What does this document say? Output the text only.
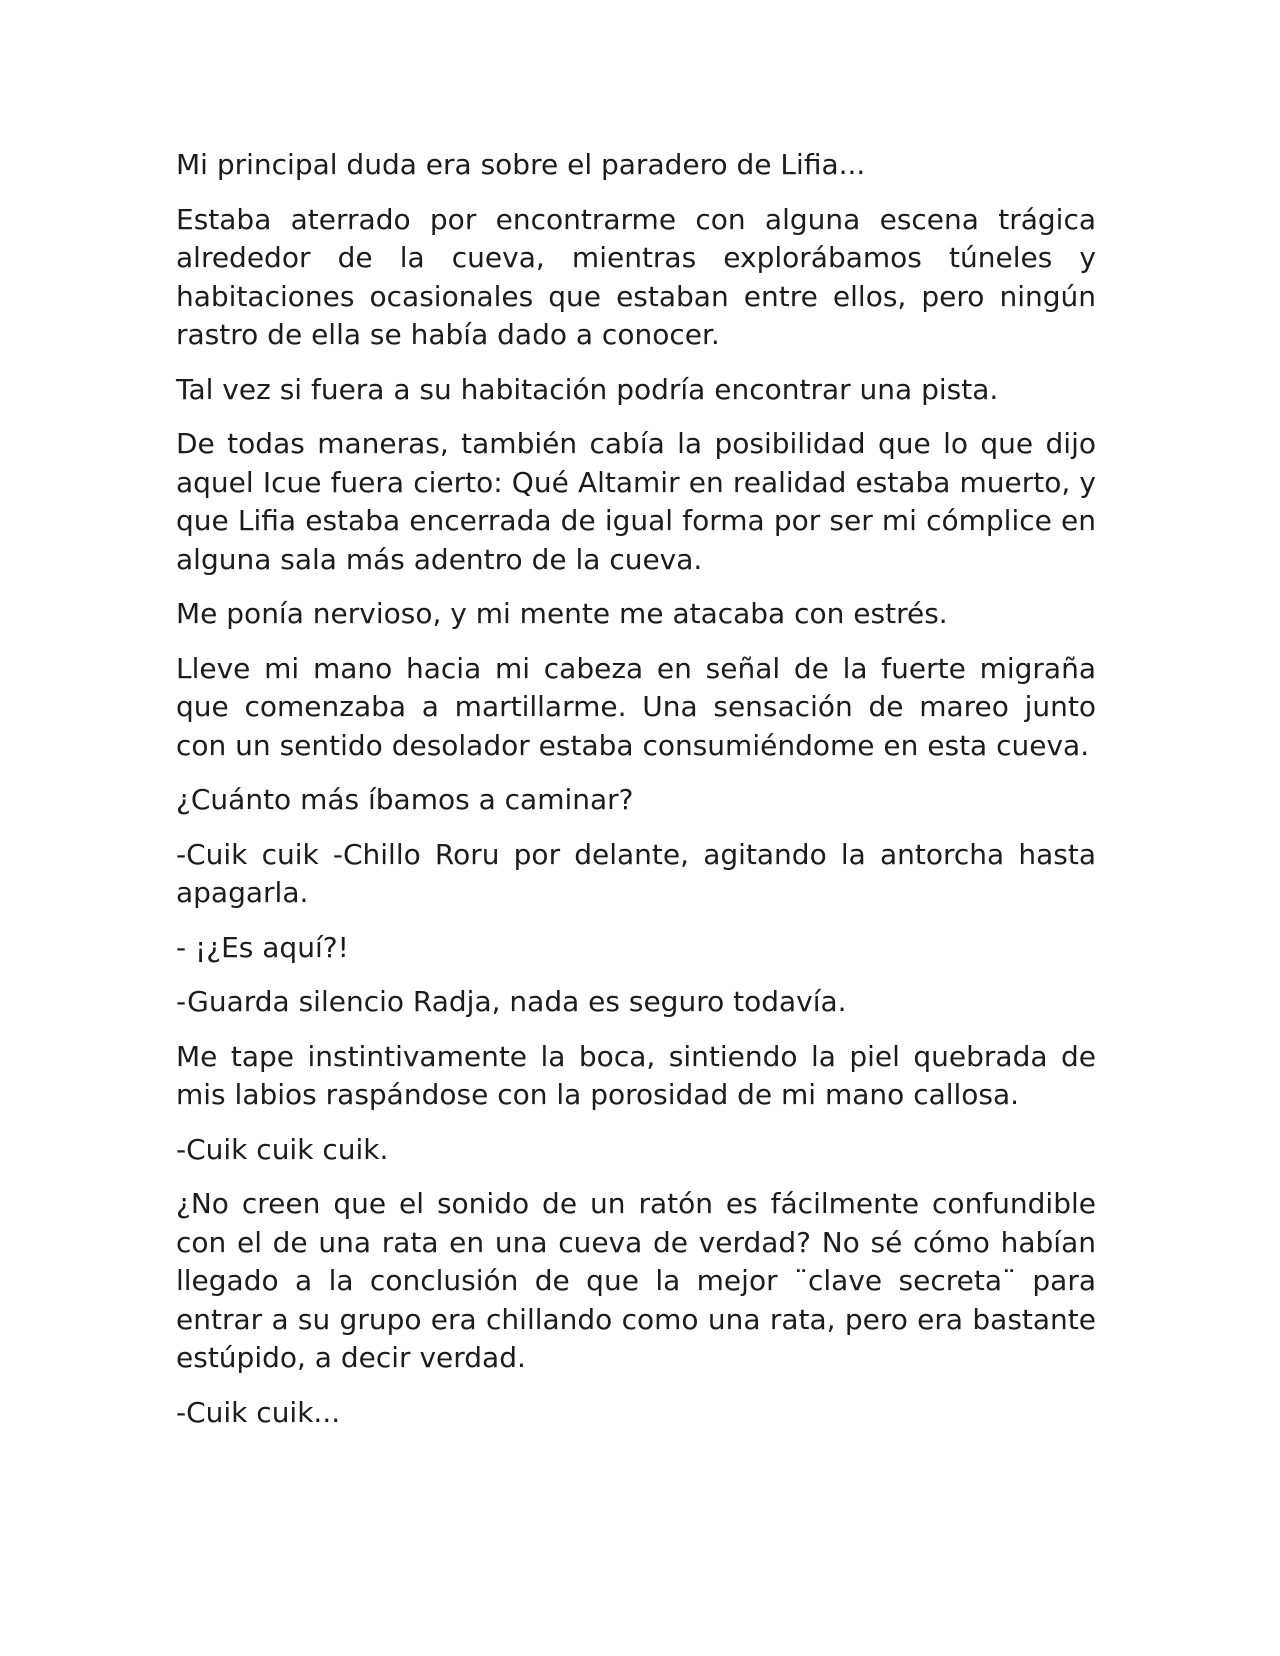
Mi principal duda era sobre el paradero de Lifia...

Estaba aterrado por encontrarme con alguna escena trágica alrededor de la cueva, mientras explorábamos túneles y habitaciones ocasionales que estaban entre ellos, pero ningún rastro de ella se había dado a conocer.

Tal vez si fuera a su habitación podría encontrar una pista.

De todas maneras, también cabía la posibilidad que lo que dijo aquel Icue fuera cierto: Qué Altamir en realidad estaba muerto, y que Lifia estaba encerrada de igual forma por ser mi cómplice en alguna sala más adentro de la cueva.

Me ponía nervioso, y mi mente me atacaba con estrés.

Lleve mi mano hacia mi cabeza en señal de la fuerte migraña que comenzaba a martillarme. Una sensación de mareo junto con un sentido desolador estaba consumiéndome en esta cueva.

¿Cuánto más íbamos a caminar?

-Cuik cuik -Chillo Roru por delante, agitando la antorcha hasta apagarla.

- ¡¿Es aquí?!

-Guarda silencio Radja, nada es seguro todavía.

Me tape instintivamente la boca, sintiendo la piel quebrada de mis labios raspándose con la porosidad de mi mano callosa.

-Cuik cuik cuik.

¿No creen que el sonido de un ratón es fácilmente confundible con el de una rata en una cueva de verdad? No sé cómo habían llegado a la conclusión de que la mejor ¨clave secreta¨ para entrar a su grupo era chillando como una rata, pero era bastante estúpido, a decir verdad.

-Cuik cuik...
